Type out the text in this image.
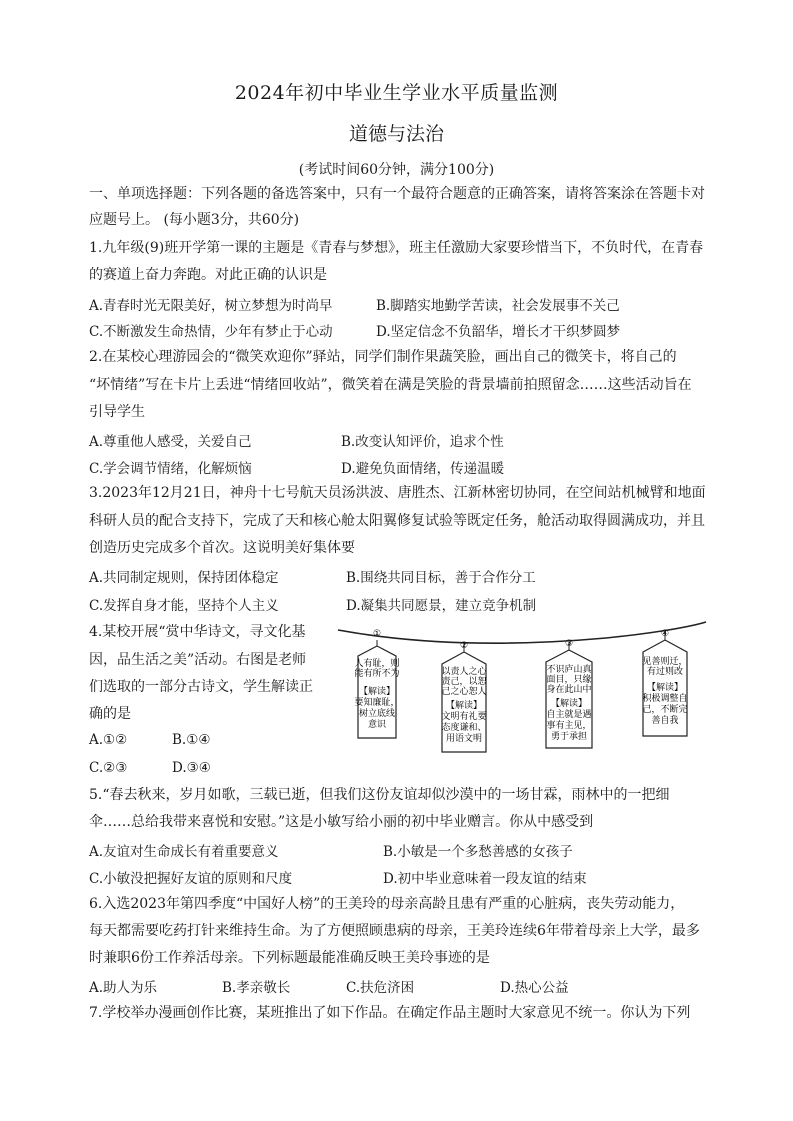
2024年初中毕业生学业水平质量监测
道德与法治
(考试时间60分钟，满分100分)
一、单项选择题：下列各题的备选答案中，只有一个最符合题意的正确答案，请将答案涂在答题卡对
应题号上。 (每小题3分，共60分)
1.九年级(9)班开学第一课的主题是《青春与梦想》，班主任激励大家要珍惜当下，不负时代，在青春
的赛道上奋力奔跑。对此正确的认识是
A.青春时光无限美好，树立梦想为时尚早	B.脚踏实地勤学苦读，社会发展事不关己
C.不断激发生命热情，少年有梦止于心动	D.坚定信念不负韶华，增长才干织梦圆梦
2.在某校心理游园会的“微笑欢迎你”驿站，同学们制作果蔬笑脸，画出自己的微笑卡，将自己的
“坏情绪”写在卡片上丢进“情绪回收站”，微笑着在满是笑脸的背景墙前拍照留念……这些活动旨在
引导学生
A.尊重他人感受，关爱自己	B.改变认知评价，追求个性
C.学会调节情绪，化解烦恼	D.避免负面情绪，传递温暖
3.2023年12月21日，神舟十七号航天员汤洪波、唐胜杰、江新林密切协同，在空间站机械臂和地面
科研人员的配合支持下，完成了天和核心舱太阳翼修复试验等既定任务，舱活动取得圆满成功，并且
创造历史完成多个首次。这说明美好集体要
A.共同制定规则，保持团体稳定	B.围绕共同目标，善于合作分工
C.发挥自身才能，坚持个人主义	D.凝集共同愿景，建立竞争机制
4.某校开展“赏中华诗文，寻文化基
因，品生活之美”活动。右图是老师
们选取的一部分古诗文，学生解读正
确的是
A.①②	B.①④
C.②③	D.③④
①
人有耻，则
能有所不为
【解读】
要知廉耻，
树立底线
意识
②
以责人之心
责己，以恕
己之心恕人
【解读】
文明有礼要
态度谦和、
用语文明
③
不识庐山真
面目，只缘
身在此山中
【解读】
自主就是遇
事有主见，
勇于承担
④
见善则迁，
有过则改
【解读】
积极调整自
己，不断完
善自我
5.“春去秋来，岁月如歌，三载已逝，但我们这份友谊却似沙漠中的一场甘霖，雨林中的一把细
伞……总给我带来喜悦和安慰。”这是小敏写给小丽的初中毕业赠言。你从中感受到
A.友谊对生命成长有着重要意义	B.小敏是一个多愁善感的女孩子
C.小敏没把握好友谊的原则和尺度	D.初中毕业意味着一段友谊的结束
6.入选2023年第四季度“中国好人榜”的王美玲的母亲高龄且患有严重的心脏病，丧失劳动能力，
每天都需要吃药打针来维持生命。为了方便照顾患病的母亲，王美玲连续6年带着母亲上大学，最多
时兼职6份工作养活母亲。下列标题最能准确反映王美玲事迹的是
A.助人为乐	B.孝亲敬长	C.扶危济困	D.热心公益
7.学校举办漫画创作比赛，某班推出了如下作品。在确定作品主题时大家意见不统一。你认为下列
